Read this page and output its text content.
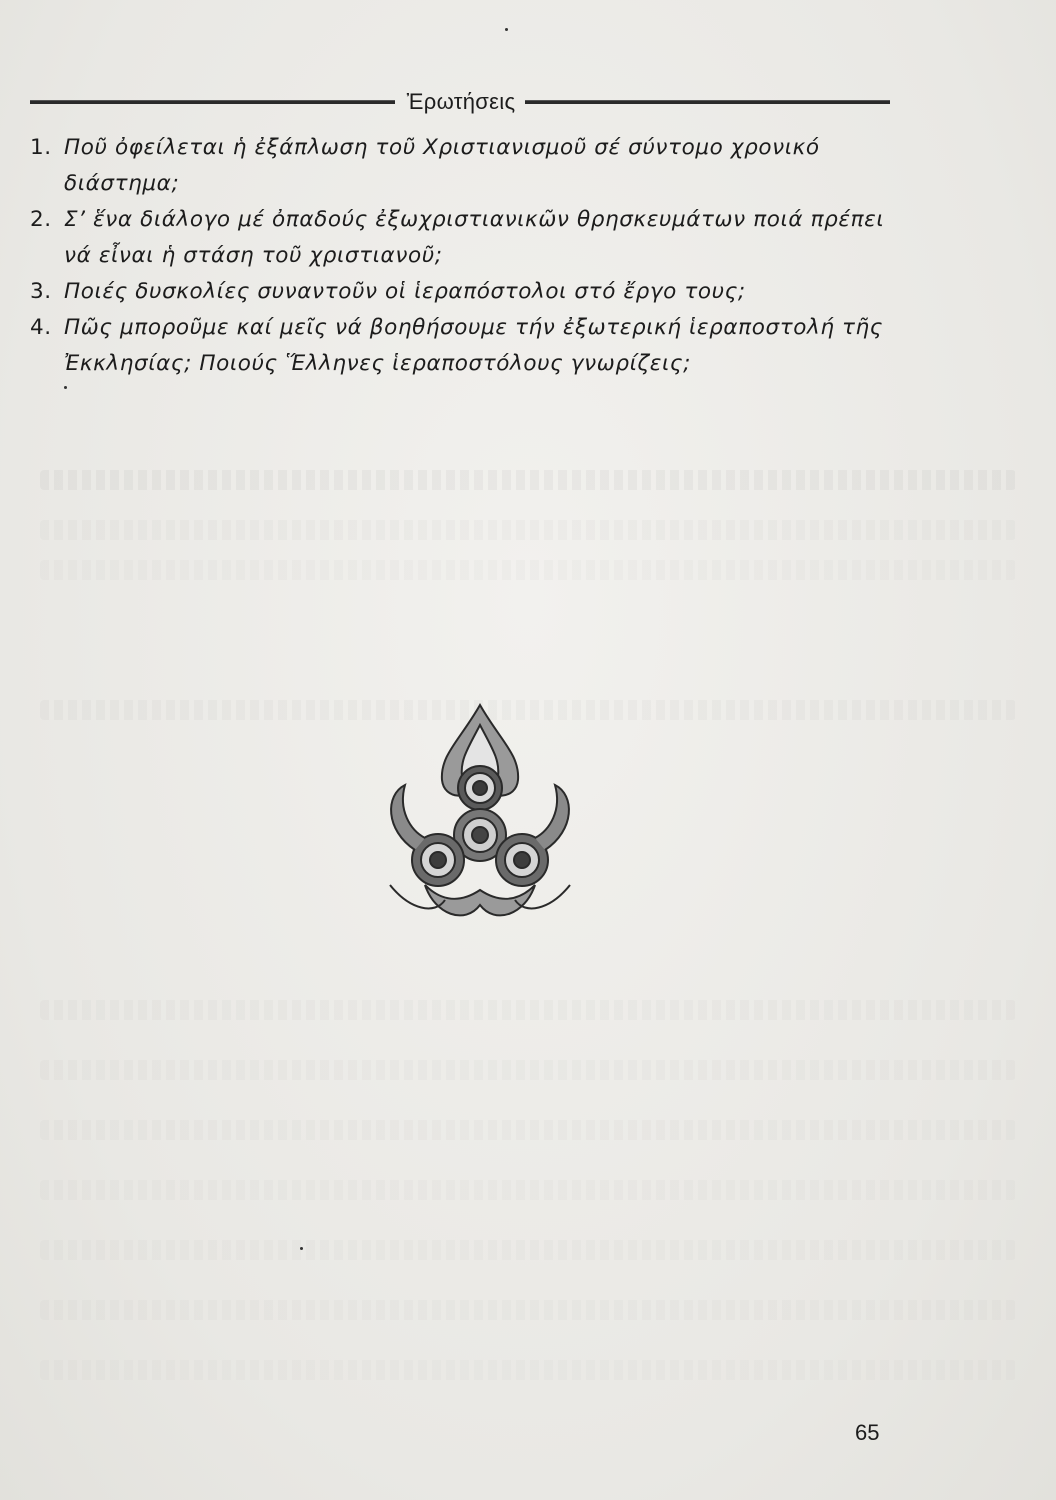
Ἐρωτήσεις
1. Ποῦ ὀφείλεται ἡ ἐξάπλωση τοῦ Χριστιανισμοῦ σέ σύντομο χρονικό διάστημα;
2. Σ’ ἕνα διάλογο μέ ὀπαδούς ἐξωχριστιανικῶν θρησκευμάτων ποιά πρέπει νά εἶναι ἡ στάση τοῦ χριστιανοῦ;
3. Ποιές δυσκολίες συναντοῦν οἱ ἱεραπόστολοι στό ἔργο τους;
4. Πῶς μποροῦμε καί μεῖς νά βοηθήσουμε τήν ἐξωτερική ἱεραποστολή τῆς Ἐκκλησίας; Ποιούς Ἕλληνες ἱεραποστόλους γνωρίζεις;
65
